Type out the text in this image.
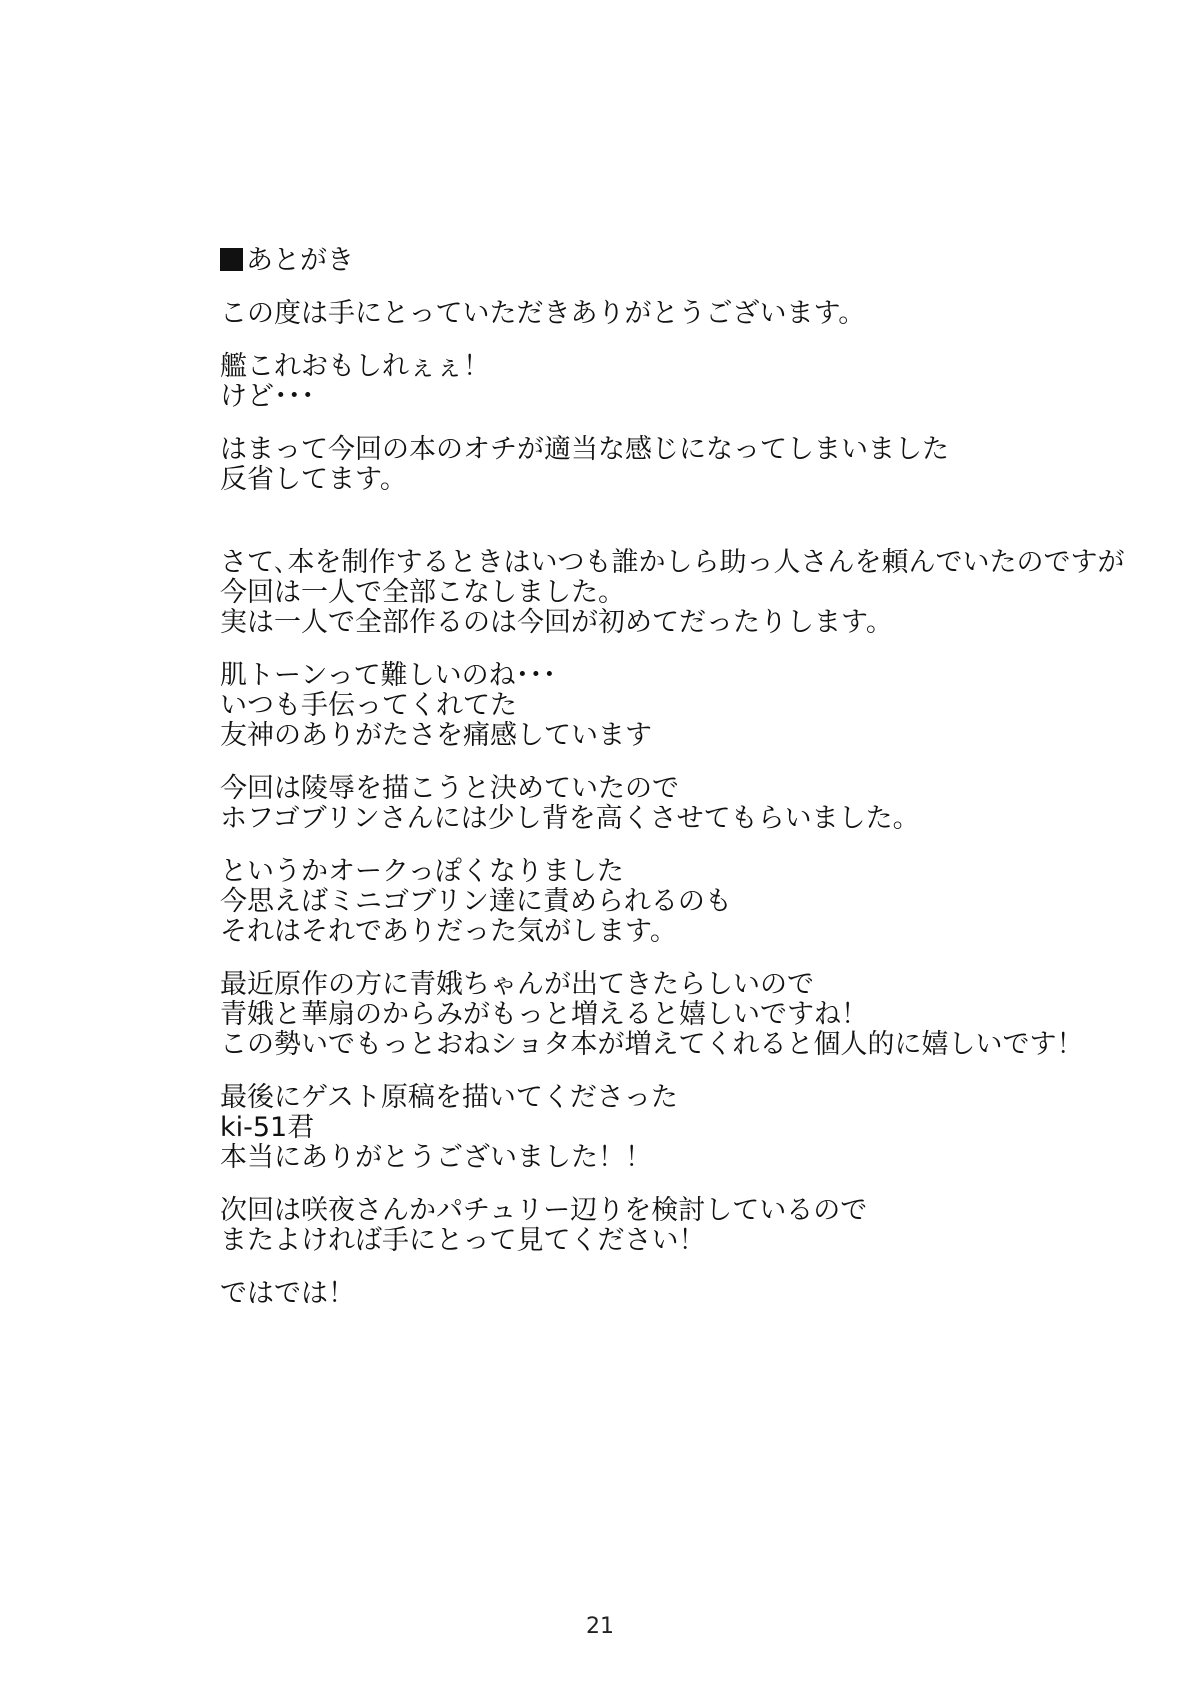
あとがき
この度は手にとっていただきありがとうございます。
艦これおもしれぇぇ！
けど･･･
はまって今回の本のオチが適当な感じになってしまいました
反省してます。
さて､本を制作するときはいつも誰かしら助っ人さんを頼んでいたのですが
今回は一人で全部こなしました。
実は一人で全部作るのは今回が初めてだったりします。
肌トーンって難しいのね･･･
いつも手伝ってくれてた
友神のありがたさを痛感しています
今回は陵辱を描こうと決めていたので
ホフゴブリンさんには少し背を高くさせてもらいました。
というかオークっぽくなりました
今思えばミニゴブリン達に責められるのも
それはそれでありだった気がします。
最近原作の方に青娥ちゃんが出てきたらしいので
青娥と華扇のからみがもっと増えると嬉しいですね！
この勢いでもっとおねショタ本が増えてくれると個人的に嬉しいです！
最後にゲスト原稿を描いてくださった
ki-51君
本当にありがとうございました！！
次回は咲夜さんかパチュリー辺りを検討しているので
またよければ手にとって見てください！
ではでは！
21
